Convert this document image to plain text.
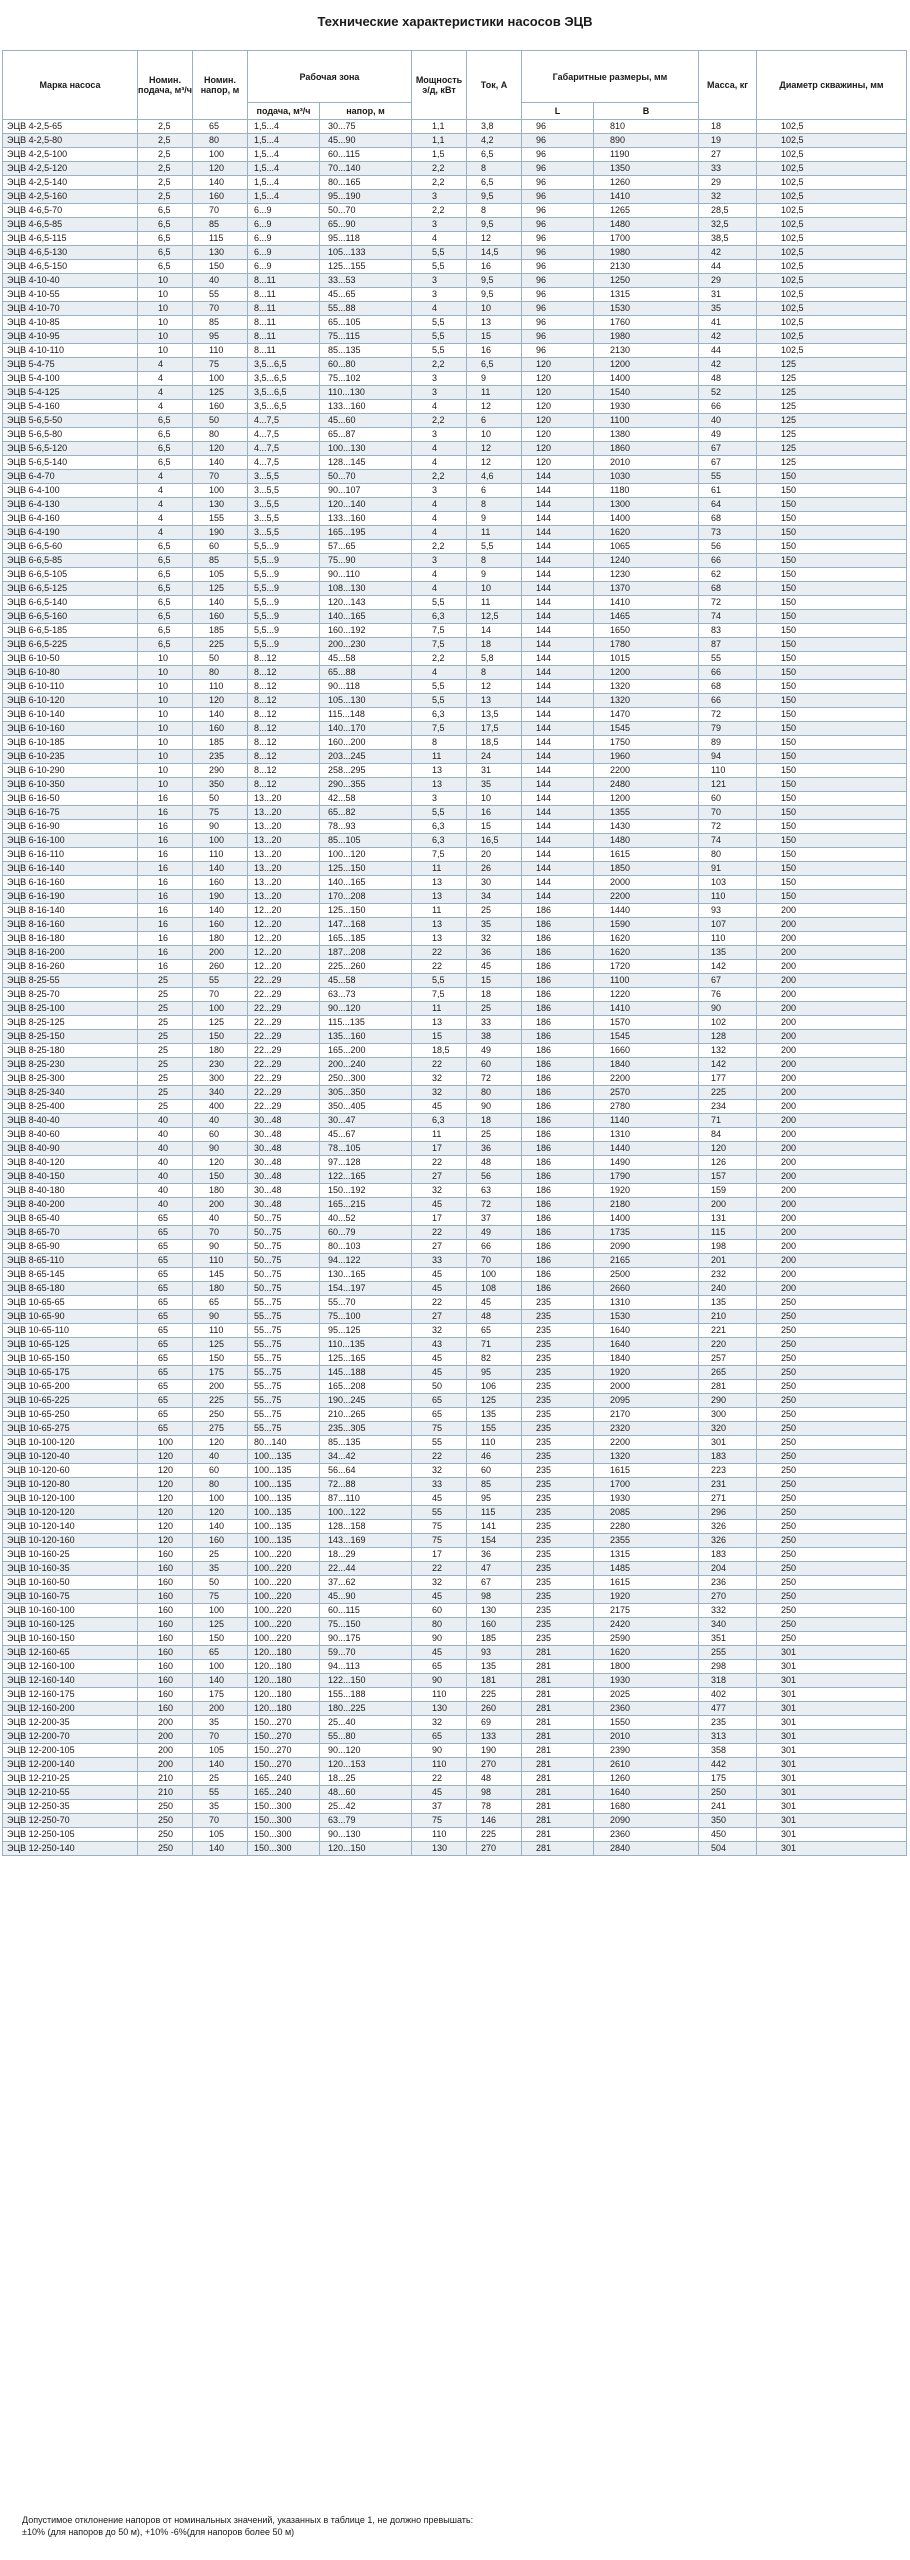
Технические характеристики насосов ЭЦВ
Марка насоса	Номин. подача, м³/ч	Номин. напор, м	Рабочая зона		Мощность э/д, кВт	Ток, А	Габаритные размеры, мм		Масса, кг	Диаметр скважины, мм
			подача, м³/ч	напор, м			L	B		
ЭЦВ 4-2,5-65	2,5	65	1,5...4	30...75	1,1	3,8	96	810	18	102,5
ЭЦВ 4-2,5-80	2,5	80	1,5...4	45...90	1,1	4,2	96	890	19	102,5
ЭЦВ 4-2,5-100	2,5	100	1,5...4	60...115	1,5	6,5	96	1190	27	102,5
ЭЦВ 4-2,5-120	2,5	120	1,5...4	70...140	2,2	8	96	1350	33	102,5
ЭЦВ 4-2,5-140	2,5	140	1,5...4	80...165	2,2	6,5	96	1260	29	102,5
ЭЦВ 4-2,5-160	2,5	160	1,5...4	95...190	3	9,5	96	1410	32	102,5
ЭЦВ 4-6,5-70	6,5	70	6...9	50...70	2,2	8	96	1265	28,5	102,5
ЭЦВ 4-6,5-85	6,5	85	6...9	65...90	3	9,5	96	1480	32,5	102,5
ЭЦВ 4-6,5-115	6,5	115	6...9	95...118	4	12	96	1700	38,5	102,5
ЭЦВ 4-6,5-130	6,5	130	6...9	105...133	5,5	14,5	96	1980	42	102,5
ЭЦВ 4-6,5-150	6,5	150	6...9	125...155	5,5	16	96	2130	44	102,5
ЭЦВ 4-10-40	10	40	8...11	33...53	3	9,5	96	1250	29	102,5
ЭЦВ 4-10-55	10	55	8...11	45...65	3	9,5	96	1315	31	102,5
ЭЦВ 4-10-70	10	70	8...11	55...88	4	10	96	1530	35	102,5
ЭЦВ 4-10-85	10	85	8...11	65...105	5,5	13	96	1760	41	102,5
ЭЦВ 4-10-95	10	95	8...11	75...115	5,5	15	96	1980	42	102,5
ЭЦВ 4-10-110	10	110	8...11	85...135	5,5	16	96	2130	44	102,5
ЭЦВ 5-4-75	4	75	3,5...6,5	60...80	2,2	6,5	120	1200	42	125
ЭЦВ 5-4-100	4	100	3,5...6,5	75...102	3	9	120	1400	48	125
ЭЦВ 5-4-125	4	125	3,5...6,5	110...130	3	11	120	1540	52	125
ЭЦВ 5-4-160	4	160	3,5...6,5	133...160	4	12	120	1930	66	125
ЭЦВ 5-6,5-50	6,5	50	4...7,5	45...60	2,2	6	120	1100	40	125
ЭЦВ 5-6,5-80	6,5	80	4...7,5	65...87	3	10	120	1380	49	125
ЭЦВ 5-6,5-120	6,5	120	4...7,5	100...130	4	12	120	1860	67	125
ЭЦВ 5-6,5-140	6,5	140	4...7,5	128...145	4	12	120	2010	67	125
ЭЦВ 6-4-70	4	70	3...5,5	50...70	2,2	4,6	144	1030	55	150
ЭЦВ 6-4-100	4	100	3...5,5	90...107	3	6	144	1180	61	150
ЭЦВ 6-4-130	4	130	3...5,5	120...140	4	8	144	1300	64	150
ЭЦВ 6-4-160	4	155	3...5,5	133...160	4	9	144	1400	68	150
ЭЦВ 6-4-190	4	190	3...5,5	165...195	4	11	144	1620	73	150
ЭЦВ 6-6,5-60	6,5	60	5,5...9	57...65	2,2	5,5	144	1065	56	150
ЭЦВ 6-6,5-85	6,5	85	5,5...9	75...90	3	8	144	1240	66	150
ЭЦВ 6-6,5-105	6,5	105	5,5...9	90...110	4	9	144	1230	62	150
ЭЦВ 6-6,5-125	6,5	125	5,5...9	108...130	4	10	144	1370	68	150
ЭЦВ 6-6,5-140	6,5	140	5,5...9	120...143	5,5	11	144	1410	72	150
ЭЦВ 6-6,5-160	6,5	160	5,5...9	140...165	6,3	12,5	144	1465	74	150
ЭЦВ 6-6,5-185	6,5	185	5,5...9	160...192	7,5	14	144	1650	83	150
ЭЦВ 6-6,5-225	6,5	225	5,5...9	200...230	7,5	18	144	1780	87	150
ЭЦВ 6-10-50	10	50	8...12	45...58	2,2	5,8	144	1015	55	150
ЭЦВ 6-10-80	10	80	8...12	65...88	4	8	144	1200	66	150
ЭЦВ 6-10-110	10	110	8...12	90...118	5,5	12	144	1320	68	150
ЭЦВ 6-10-120	10	120	8...12	105...130	5,5	13	144	1320	66	150
ЭЦВ 6-10-140	10	140	8...12	115...148	6,3	13,5	144	1470	72	150
ЭЦВ 6-10-160	10	160	8...12	140...170	7,5	17,5	144	1545	79	150
ЭЦВ 6-10-185	10	185	8...12	160...200	8	18,5	144	1750	89	150
ЭЦВ 6-10-235	10	235	8...12	203...245	11	24	144	1960	94	150
ЭЦВ 6-10-290	10	290	8...12	258...295	13	31	144	2200	110	150
ЭЦВ 6-10-350	10	350	8...12	290...355	13	35	144	2480	121	150
ЭЦВ 6-16-50	16	50	13...20	42...58	3	10	144	1200	60	150
ЭЦВ 6-16-75	16	75	13...20	65...82	5,5	16	144	1355	70	150
ЭЦВ 6-16-90	16	90	13...20	78...93	6,3	15	144	1430	72	150
ЭЦВ 6-16-100	16	100	13...20	85...105	6,3	16,5	144	1480	74	150
ЭЦВ 6-16-110	16	110	13...20	100...120	7,5	20	144	1615	80	150
ЭЦВ 6-16-140	16	140	13...20	125...150	11	26	144	1850	91	150
ЭЦВ 6-16-160	16	160	13...20	140...165	13	30	144	2000	103	150
ЭЦВ 6-16-190	16	190	13...20	170...208	13	34	144	2200	110	150
ЭЦВ 8-16-140	16	140	12...20	125...150	11	25	186	1440	93	200
ЭЦВ 8-16-160	16	160	12...20	147...168	13	35	186	1590	107	200
ЭЦВ 8-16-180	16	180	12...20	165...185	13	32	186	1620	110	200
ЭЦВ 8-16-200	16	200	12...20	187...208	22	36	186	1620	135	200
ЭЦВ 8-16-260	16	260	12...20	225...260	22	45	186	1720	142	200
ЭЦВ 8-25-55	25	55	22...29	45...58	5,5	15	186	1100	67	200
ЭЦВ 8-25-70	25	70	22...29	63...73	7,5	18	186	1220	76	200
ЭЦВ 8-25-100	25	100	22...29	90...120	11	25	186	1410	90	200
ЭЦВ 8-25-125	25	125	22...29	115...135	13	33	186	1570	102	200
ЭЦВ 8-25-150	25	150	22...29	135...160	15	38	186	1545	128	200
ЭЦВ 8-25-180	25	180	22...29	165...200	18,5	49	186	1660	132	200
ЭЦВ 8-25-230	25	230	22...29	200...240	22	60	186	1840	142	200
ЭЦВ 8-25-300	25	300	22...29	250...300	32	72	186	2200	177	200
ЭЦВ 8-25-340	25	340	22...29	305...350	32	80	186	2570	225	200
ЭЦВ 8-25-400	25	400	22...29	350...405	45	90	186	2780	234	200
ЭЦВ 8-40-40	40	40	30...48	30...47	6,3	18	186	1140	71	200
ЭЦВ 8-40-60	40	60	30...48	45...67	11	25	186	1310	84	200
ЭЦВ 8-40-90	40	90	30...48	78...105	17	36	186	1440	120	200
ЭЦВ 8-40-120	40	120	30...48	97...128	22	48	186	1490	126	200
ЭЦВ 8-40-150	40	150	30...48	122...165	27	56	186	1790	157	200
ЭЦВ 8-40-180	40	180	30...48	150...192	32	63	186	1920	159	200
ЭЦВ 8-40-200	40	200	30...48	165...215	45	72	186	2180	200	200
ЭЦВ 8-65-40	65	40	50...75	40...52	17	37	186	1400	131	200
ЭЦВ 8-65-70	65	70	50...75	60...79	22	49	186	1735	115	200
ЭЦВ 8-65-90	65	90	50...75	80...103	27	66	186	2090	198	200
ЭЦВ 8-65-110	65	110	50...75	94...122	33	70	186	2165	201	200
ЭЦВ 8-65-145	65	145	50...75	130...165	45	100	186	2500	232	200
ЭЦВ 8-65-180	65	180	50...75	154...197	45	108	186	2660	240	200
ЭЦВ 10-65-65	65	65	55...75	55...70	22	45	235	1310	135	250
ЭЦВ 10-65-90	65	90	55...75	75...100	27	48	235	1530	210	250
ЭЦВ 10-65-110	65	110	55...75	95...125	32	65	235	1640	221	250
ЭЦВ 10-65-125	65	125	55...75	110...135	43	71	235	1640	220	250
ЭЦВ 10-65-150	65	150	55...75	125...165	45	82	235	1840	257	250
ЭЦВ 10-65-175	65	175	55...75	145...188	45	95	235	1920	265	250
ЭЦВ 10-65-200	65	200	55...75	165...208	50	106	235	2000	281	250
ЭЦВ 10-65-225	65	225	55...75	190...245	65	125	235	2095	290	250
ЭЦВ 10-65-250	65	250	55...75	210...265	65	135	235	2170	300	250
ЭЦВ 10-65-275	65	275	55...75	235...305	75	155	235	2320	320	250
ЭЦВ 10-100-120	100	120	80...140	85...135	55	110	235	2200	301	250
ЭЦВ 10-120-40	120	40	100...135	34...42	22	46	235	1320	183	250
ЭЦВ 10-120-60	120	60	100...135	56...64	32	60	235	1615	223	250
ЭЦВ 10-120-80	120	80	100...135	72...88	33	85	235	1700	231	250
ЭЦВ 10-120-100	120	100	100...135	87...110	45	95	235	1930	271	250
ЭЦВ 10-120-120	120	120	100...135	100...122	55	115	235	2085	296	250
ЭЦВ 10-120-140	120	140	100...135	128...158	75	141	235	2280	326	250
ЭЦВ 10-120-160	120	160	100...135	143...169	75	154	235	2355	326	250
ЭЦВ 10-160-25	160	25	100...220	18...29	17	36	235	1315	183	250
ЭЦВ 10-160-35	160	35	100...220	22...44	22	47	235	1485	204	250
ЭЦВ 10-160-50	160	50	100...220	37...62	32	67	235	1615	236	250
ЭЦВ 10-160-75	160	75	100...220	45...90	45	98	235	1920	270	250
ЭЦВ 10-160-100	160	100	100...220	60...115	60	130	235	2175	332	250
ЭЦВ 10-160-125	160	125	100...220	75...150	80	160	235	2420	340	250
ЭЦВ 10-160-150	160	150	100...220	90...175	90	185	235	2590	351	250
ЭЦВ 12-160-65	160	65	120...180	59...70	45	93	281	1620	255	301
ЭЦВ 12-160-100	160	100	120...180	94...113	65	135	281	1800	298	301
ЭЦВ 12-160-140	160	140	120...180	122...150	90	181	281	1930	318	301
ЭЦВ 12-160-175	160	175	120...180	155...188	110	225	281	2025	402	301
ЭЦВ 12-160-200	160	200	120...180	180...225	130	260	281	2360	477	301
ЭЦВ 12-200-35	200	35	150...270	25...40	32	69	281	1550	235	301
ЭЦВ 12-200-70	200	70	150...270	55...80	65	133	281	2010	313	301
ЭЦВ 12-200-105	200	105	150...270	90...120	90	190	281	2390	358	301
ЭЦВ 12-200-140	200	140	150...270	120...153	110	270	281	2610	442	301
ЭЦВ 12-210-25	210	25	165...240	18...25	22	48	281	1260	175	301
ЭЦВ 12-210-55	210	55	165...240	48...60	45	98	281	1640	250	301
ЭЦВ 12-250-35	250	35	150...300	25...42	37	78	281	1680	241	301
ЭЦВ 12-250-70	250	70	150...300	63...79	75	146	281	2090	350	301
ЭЦВ 12-250-105	250	105	150...300	90...130	110	225	281	2360	450	301
ЭЦВ 12-250-140	250	140	150...300	120...150	130	270	281	2840	504	301
Допустимое отклонение напоров от номинальных значений, указанных в таблице 1, не должно превышать:
±10% (для напоров до 50 м), +10% -6%(для напоров более 50 м)
